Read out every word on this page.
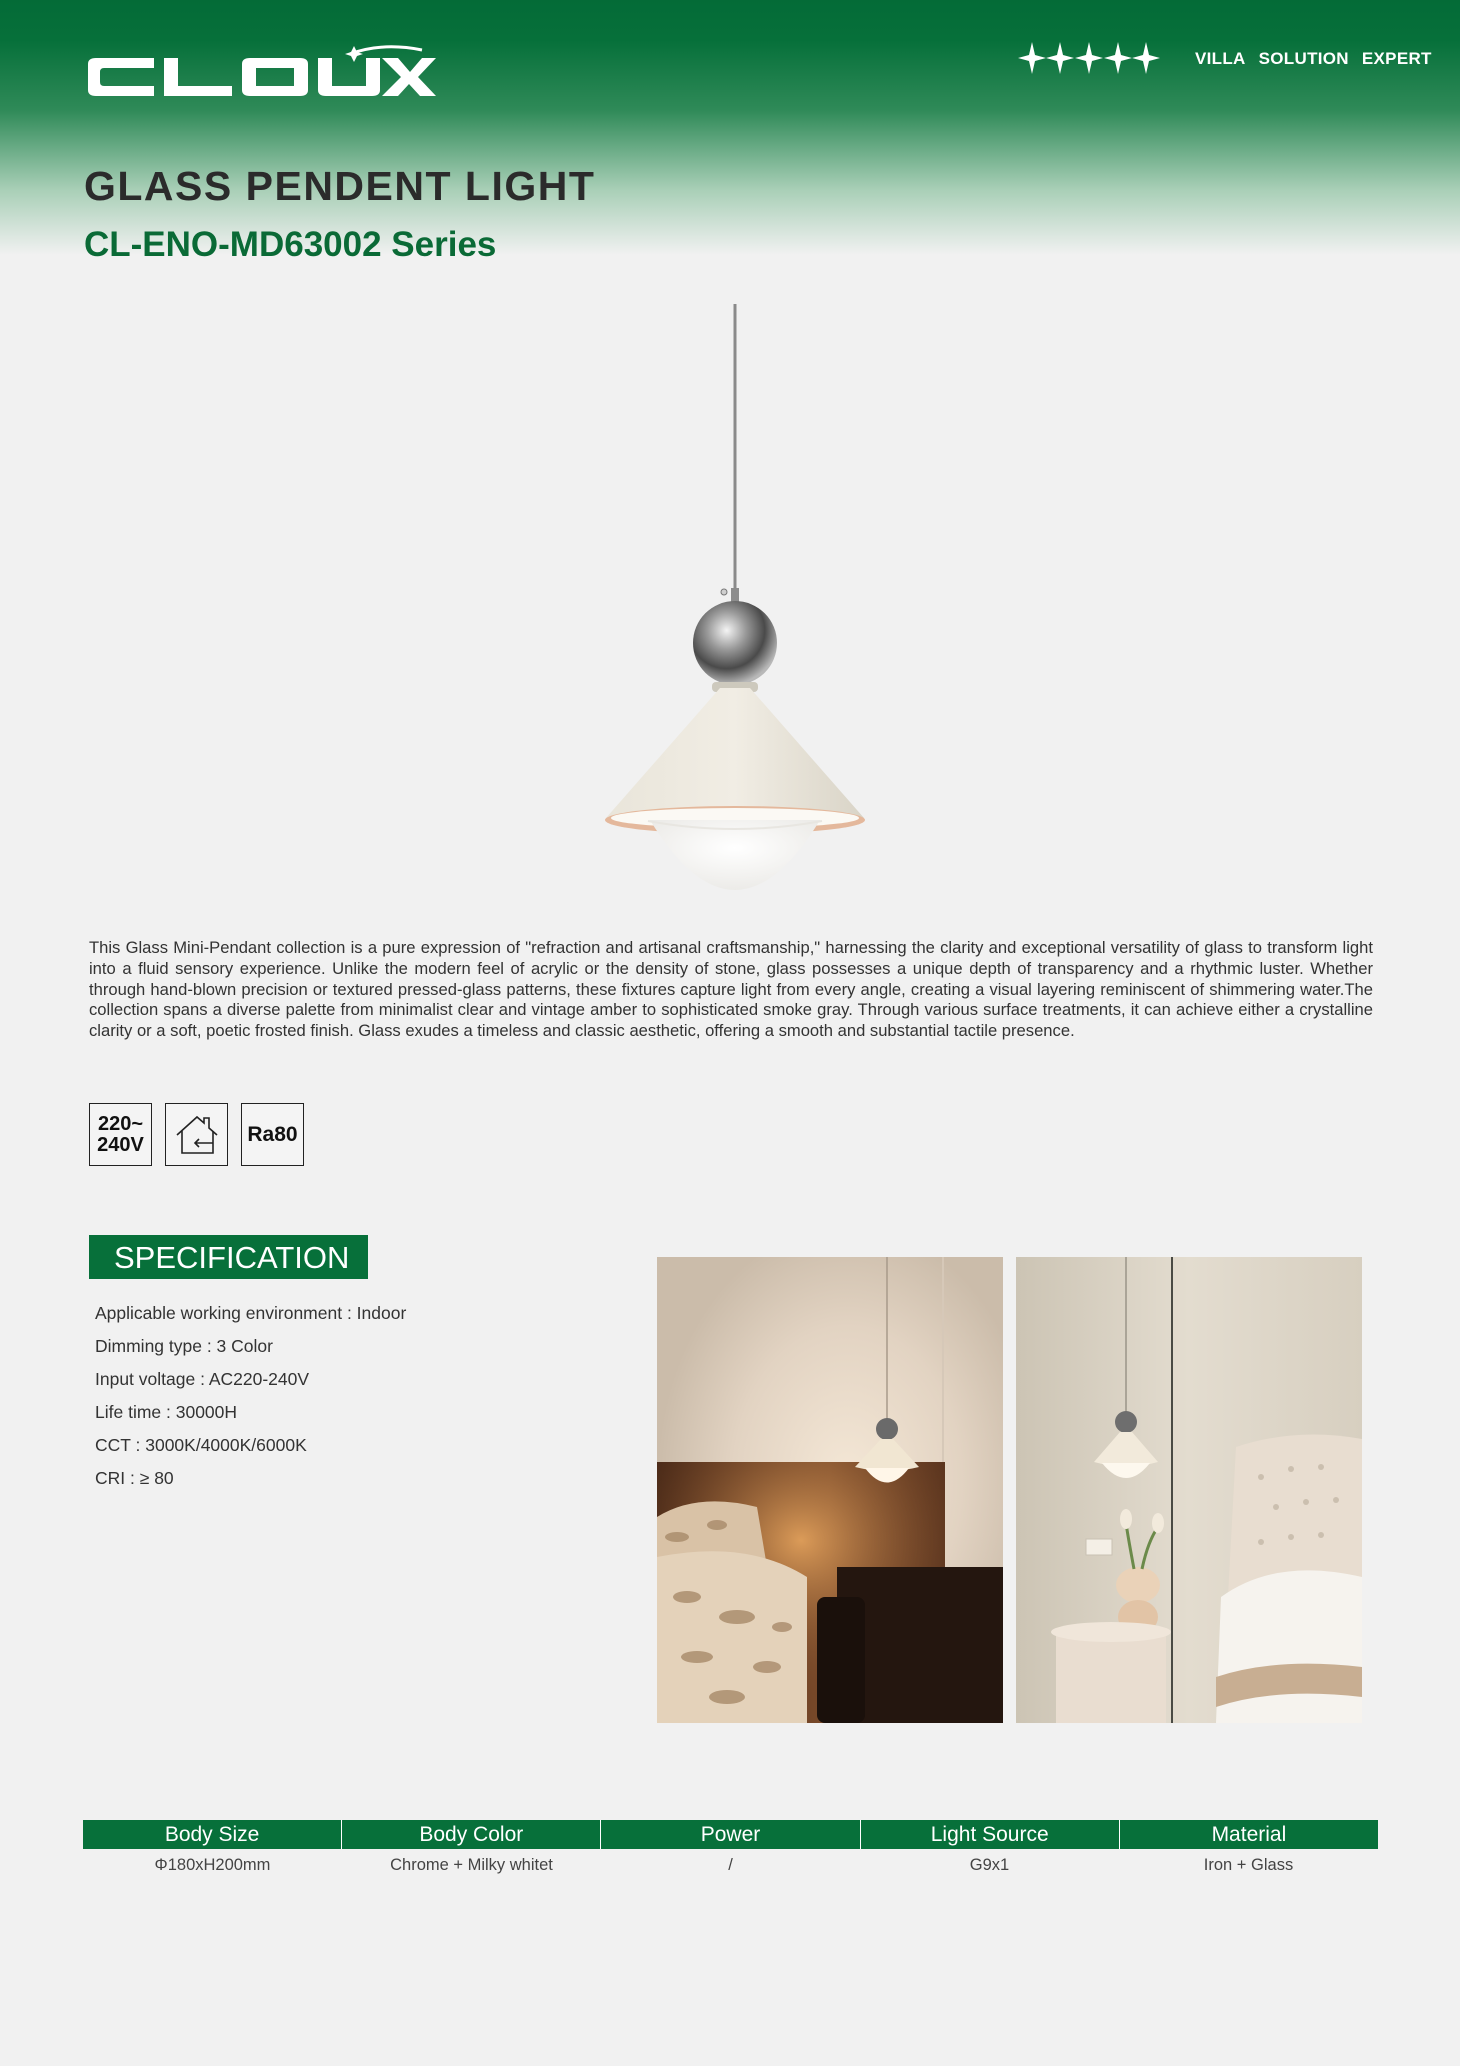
VILLA SOLUTION EXPERT
GLASS PENDENT LIGHT
CL-ENO-MD63002 Series

This Glass Mini-Pendant collection is a pure expression of "refraction and artisanal craftsmanship," harnessing the clarity and exceptional versatility of glass to transform light into a fluid sensory experience. Unlike the modern feel of acrylic or the density of stone, glass possesses a unique depth of transparency and a rhythmic luster. Whether through hand-blown precision or textured pressed-glass patterns, these fixtures capture light from every angle, creating a visual layering reminiscent of shimmering water.The collection spans a diverse palette from minimalist clear and vintage amber to sophisticated smoke gray. Through various surface treatments, it can achieve either a crystalline clarity or a soft, poetic frosted finish. Glass exudes a timeless and classic aesthetic, offering a smooth and substantial tactile presence.

220~
240V	Ra80
SPECIFICATION
Applicable working environment : Indoor
Dimming type : 3 Color
Input voltage : AC220-240V
Life time : 30000H
CCT : 3000K/4000K/6000K
CRI : ≥ 80
Body Size	Body Color	Power	Light Source	Material
Φ180xH200mm	Chrome + Milky whitet	/	G9x1	Iron + Glass
